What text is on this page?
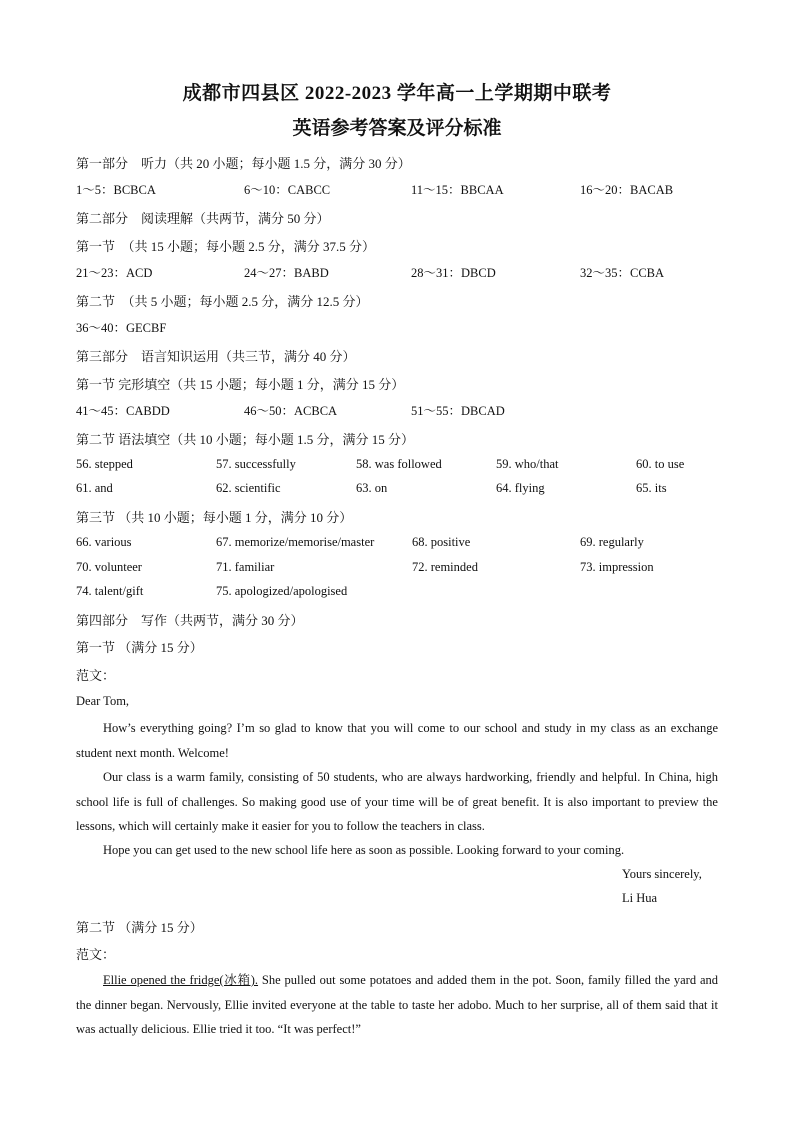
成都市四县区 2022-2023 学年高一上学期期中联考
英语参考答案及评分标准
第一部分　听力（共 20 小题；每小题 1.5 分，满分 30 分）
1～5：BCBCA	6～10：CABCC	11～15：BBCAA	16～20：BACAB
第二部分　阅读理解（共两节，满分 50 分）
第一节　（共 15 小题；每小题 2.5 分，满分 37.5 分）
21～23：ACD	24～27：BABD	28～31：DBCD	32～35：CCBA
第二节　（共 5 小题；每小题 2.5 分，满分 12.5 分）
36～40：GECBF
第三部分　语言知识运用（共三节，满分 40 分）
第一节 完形填空（共 15 小题；每小题 1 分，满分 15 分）
41～45：CABDD	46～50：ACBCA	51～55：DBCAD
第二节 语法填空（共 10 小题；每小题 1.5 分，满分 15 分）
56. stepped	57. successfully	58. was followed	59. who/that	60. to use
61. and	62. scientific	63. on	64. flying	65. its
第三节 （共 10 小题；每小题 1 分，满分 10 分）
66. various	67. memorize/memorise/master	68. positive	69. regularly
70. volunteer	71. familiar	72. reminded	73. impression
74. talent/gift	75. apologized/apologised
第四部分　写作（共两节，满分 30 分）
第一节 （满分 15 分）
范文：
Dear Tom,
How’s everything going? I’m so glad to know that you will come to our school and study in my class as an exchange student next month. Welcome!
Our class is a warm family, consisting of 50 students, who are always hardworking, friendly and helpful. In China, high school life is full of challenges. So making good use of your time will be of great benefit. It is also important to preview the lessons, which will certainly make it easier for you to follow the teachers in class.
Hope you can get used to the new school life here as soon as possible. Looking forward to your coming.
Yours sincerely,
Li Hua
第二节 （满分 15 分）
范文：
Ellie opened the fridge(冰箱). She pulled out some potatoes and added them in the pot. Soon, family filled the yard and the dinner began. Nervously, Ellie invited everyone at the table to taste her adobo. Much to her surprise, all of them said that it was actually delicious. Ellie tried it too. “It was perfect!”
